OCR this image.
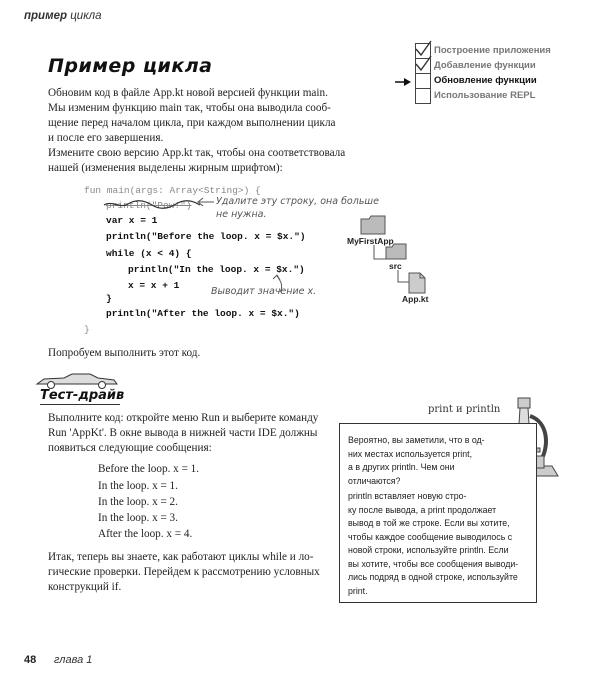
пример цикла
Пример цикла
Обновим код в файле App.kt новой версией функции main.
Мы изменим функцию main так, чтобы она выводила сооб-
щение перед началом цикла, при каждом выполнении цикла
и после его завершения.
Измените свою версию App.kt так, чтобы она соответствовала
нашей (изменения выделены жирным шрифтом):
Построение приложения
Добавление функции
Обновление функции
Использование REPL
fun main(args: Array<String>) {
println("Pow!")
var x = 1
println("Before the loop. x = $x.")
while (x < 4) {
println("In the loop. x = $x.")
x = x + 1
}
println("After the loop. x = $x.")
}
Удалите эту строку, она больше
не нужна.
Выводит значение x.
MyFirstApp
src
App.kt
Попробуем выполнить этот код.
Тест-драйв
Выполните код: откройте меню Run и выберите команду
Run 'AppKt'. В окне вывода в нижней части IDE должны
появиться следующие сообщения:
Before the loop. x = 1.
In the loop. x = 1.
In the loop. x = 2.
In the loop. x = 3.
After the loop. x = 4.
Итак, теперь вы знаете, как работают циклы while и ло-
гические проверки. Перейдем к рассмотрению условных
конструкций if.
print и println
Вероятно, вы заметили, что в од-
них местах используется print,
а в других println. Чем они
отличаются?
println вставляет новую стро-
ку после вывода, а print продолжает
вывод в той же строке. Если вы хотите,
чтобы каждое сообщение выводилось с
новой строки, используйте println. Если
вы хотите, чтобы все сообщения выводи-
лись подряд в одной строке, используйте
print.
48 глава 1
